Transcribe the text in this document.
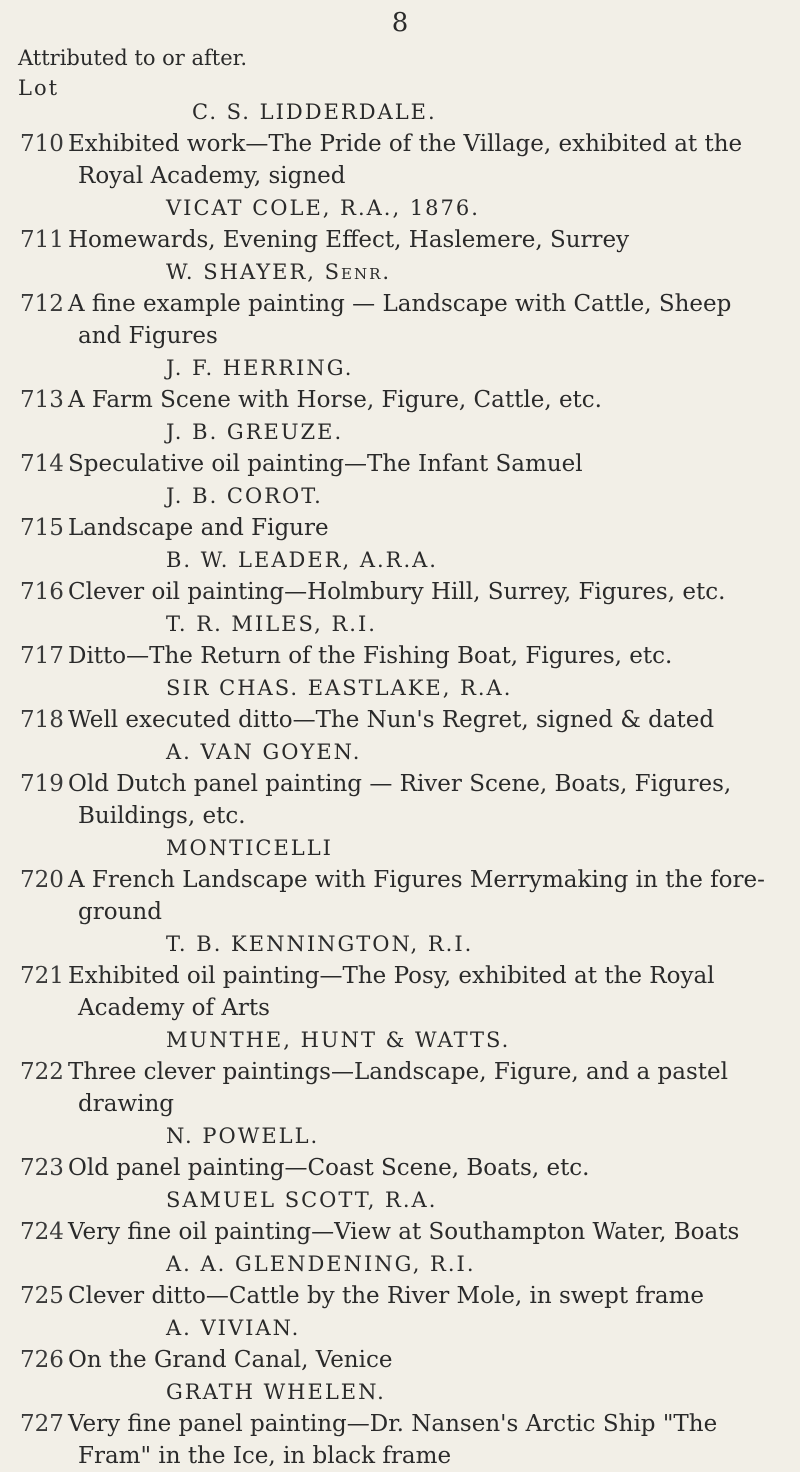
8
Attributed to or after.
Lot
C. S. LIDDERDALE.
710 Exhibited work—The Pride of the Village, exhibited at the
Royal Academy, signed
VICAT COLE, R.A., 1876.
711 Homewards, Evening Effect, Haslemere, Surrey
W. SHAYER, Senr.
712 A fine example painting — Landscape with Cattle, Sheep
and Figures
J. F. HERRING.
713 A Farm Scene with Horse, Figure, Cattle, etc.
J. B. GREUZE.
714 Speculative oil painting—The Infant Samuel
J. B. COROT.
715 Landscape and Figure
B. W. LEADER, A.R.A.
716 Clever oil painting—Holmbury Hill, Surrey, Figures, etc.
T. R. MILES, R.I.
717 Ditto—The Return of the Fishing Boat, Figures, etc.
SIR CHAS. EASTLAKE, R.A.
718 Well executed ditto—The Nun's Regret, signed & dated
A. VAN GOYEN.
719 Old Dutch panel painting — River Scene, Boats, Figures,
Buildings, etc.
MONTICELLI
720 A French Landscape with Figures Merrymaking in the fore-
ground
T. B. KENNINGTON, R.I.
721 Exhibited oil painting—The Posy, exhibited at the Royal
Academy of Arts
MUNTHE, HUNT & WATTS.
722 Three clever paintings—Landscape, Figure, and a pastel
drawing
N. POWELL.
723 Old panel painting—Coast Scene, Boats, etc.
SAMUEL SCOTT, R.A.
724 Very fine oil painting—View at Southampton Water, Boats
A. A. GLENDENING, R.I.
725 Clever ditto—Cattle by the River Mole, in swept frame
A. VIVIAN.
726 On the Grand Canal, Venice
GRATH WHELEN.
727 Very fine panel painting—Dr. Nansen's Arctic Ship "The
Fram" in the Ice, in black frame
